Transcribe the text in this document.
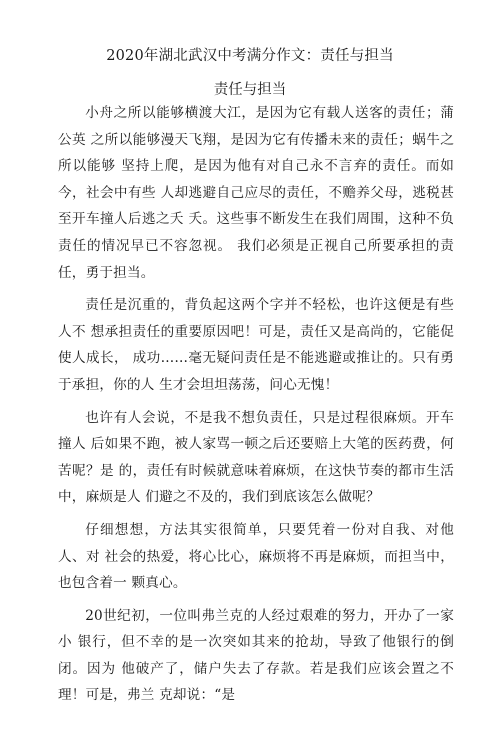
2020年湖北武汉中考满分作文：责任与担当
责任与担当

小舟之所以能够横渡大江，是因为它有载人送客的责任；蒲公英 之所以能够漫天飞翔，是因为它有传播未来的责任；蜗牛之所以能够 坚持上爬，是因为他有对自己永不言弃的责任。而如今，社会中有些 人却逃避自己应尽的责任，不赡养父母，逃税甚至开车撞人后逃之夭 夭。这些事不断发生在我们周围，这种不负责任的情况早已不容忽视。 我们必须是正视自己所要承担的责任，勇于担当。

责任是沉重的，背负起这两个字并不轻松，也许这便是有些人不 想承担责任的重要原因吧！可是，责任又是高尚的，它能促使人成长， 成功……毫无疑问责任是不能逃避或推让的。只有勇于承担，你的人 生才会坦坦荡荡，问心无愧！

也许有人会说，不是我不想负责任，只是过程很麻烦。开车撞人 后如果不跑，被人家骂一顿之后还要赔上大笔的医药费，何苦呢？是 的，责任有时候就意味着麻烦，在这快节奏的都市生活中，麻烦是人 们避之不及的，我们到底该怎么做呢？

仔细想想，方法其实很简单，只要凭着一份对自我、对他人、对 社会的热爱，将心比心，麻烦将不再是麻烦，而担当中，也包含着一 颗真心。

20世纪初，一位叫弗兰克的人经过艰难的努力，开办了一家小 银行，但不幸的是一次突如其来的抢劫，导致了他银行的倒闭。因为 他破产了，储户失去了存款。若是我们应该会置之不理！可是，弗兰 克却说：“是
